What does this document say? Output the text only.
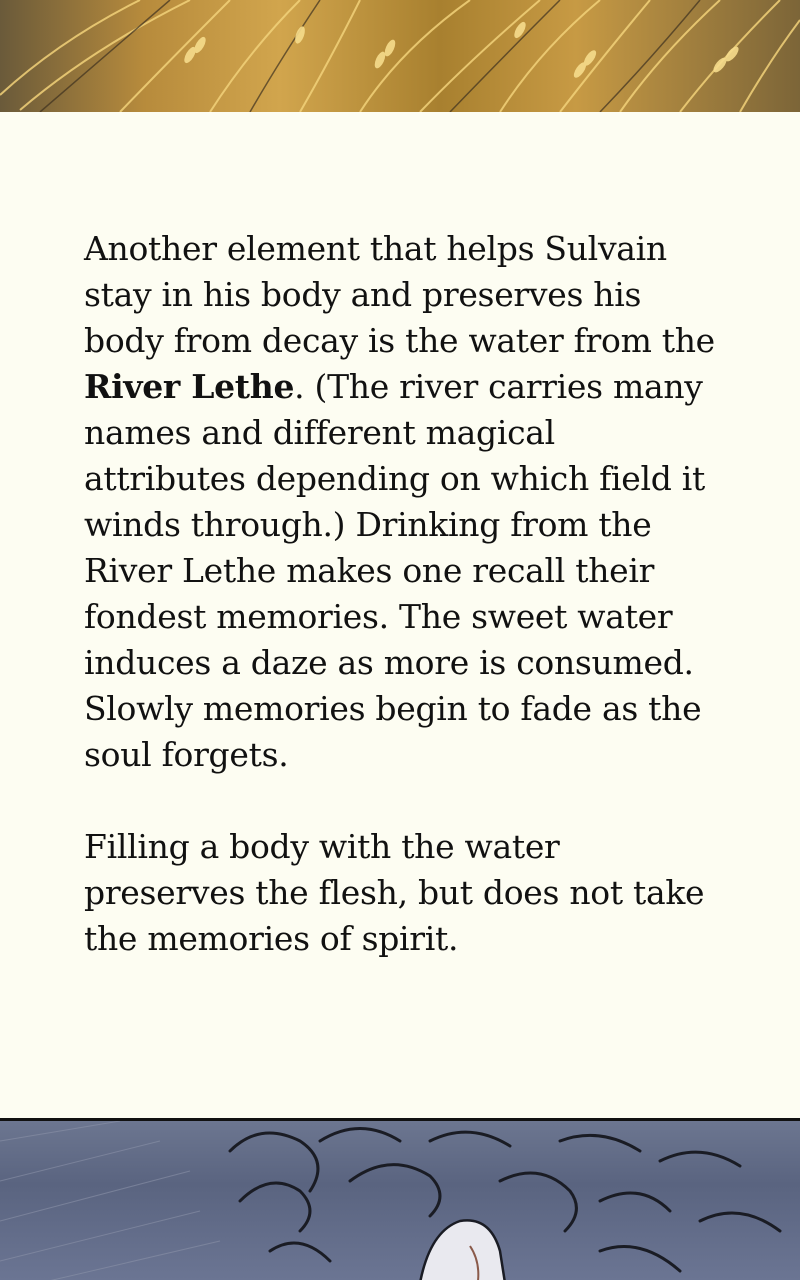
Another element that helps Sulvain stay in his body and preserves his body from decay is the water from the River Lethe. (The river carries many names and different magical attributes depending on which field it winds through.) Drinking from the River Lethe makes one recall their fondest memories. The sweet water induces a daze as more is consumed. Slowly memories begin to fade as the soul forgets.

Filling a body with the water preserves the flesh, but does not take the memories of spirit.
